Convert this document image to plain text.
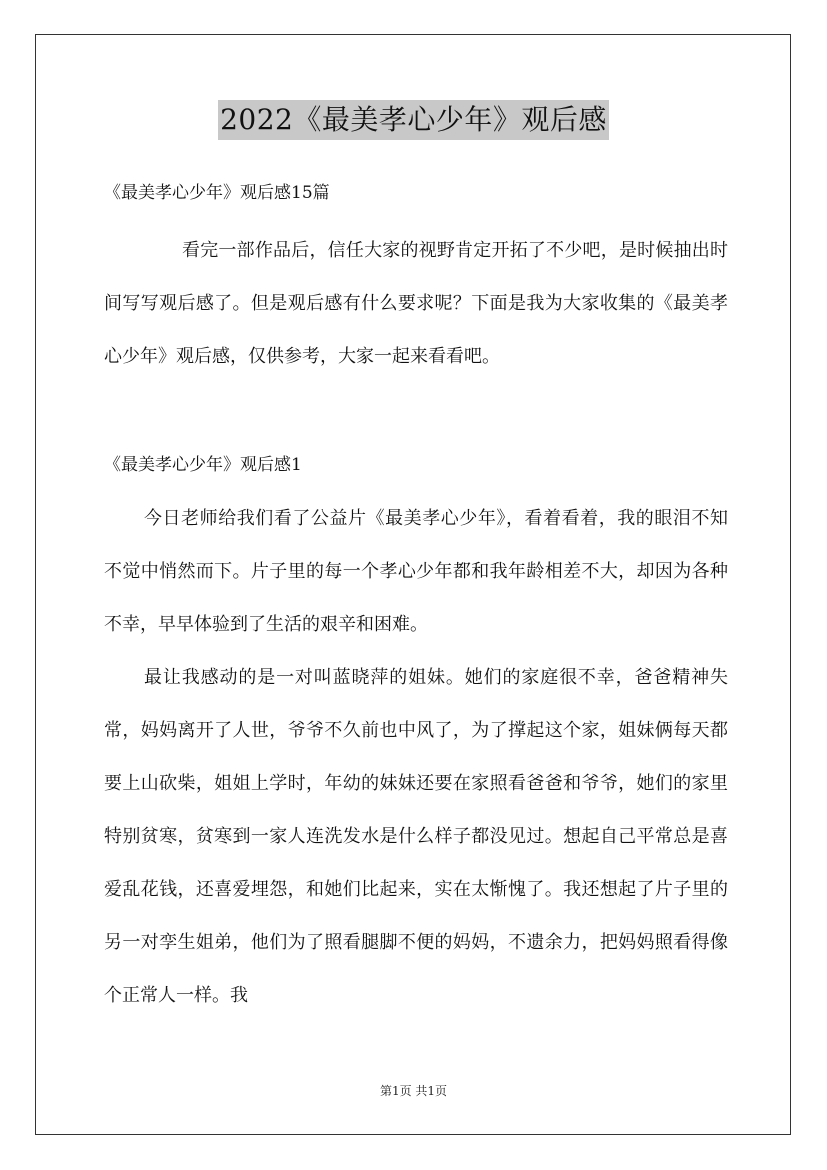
2022《最美孝心少年》观后感
《最美孝心少年》观后感15篇

看完一部作品后，信任大家的视野肯定开拓了不少吧，是时候抽出时间写写观后感了。但是观后感有什么要求呢？下面是我为大家收集的《最美孝心少年》观后感，仅供参考，大家一起来看看吧。

《最美孝心少年》观后感1

今日老师给我们看了公益片《最美孝心少年》，看着看着，我的眼泪不知不觉中悄然而下。片子里的每一个孝心少年都和我年龄相差不大，却因为各种不幸，早早体验到了生活的艰辛和困难。

最让我感动的是一对叫蓝晓萍的姐妹。她们的家庭很不幸，爸爸精神失常，妈妈离开了人世，爷爷不久前也中风了，为了撑起这个家，姐妹俩每天都要上山砍柴，姐姐上学时，年幼的妹妹还要在家照看爸爸和爷爷，她们的家里特别贫寒，贫寒到一家人连洗发水是什么样子都没见过。想起自己平常总是喜爱乱花钱，还喜爱埋怨，和她们比起来，实在太惭愧了。我还想起了片子里的另一对孪生姐弟，他们为了照看腿脚不便的妈妈，不遗余力，把妈妈照看得像个正常人一样。我

第1页 共1页
